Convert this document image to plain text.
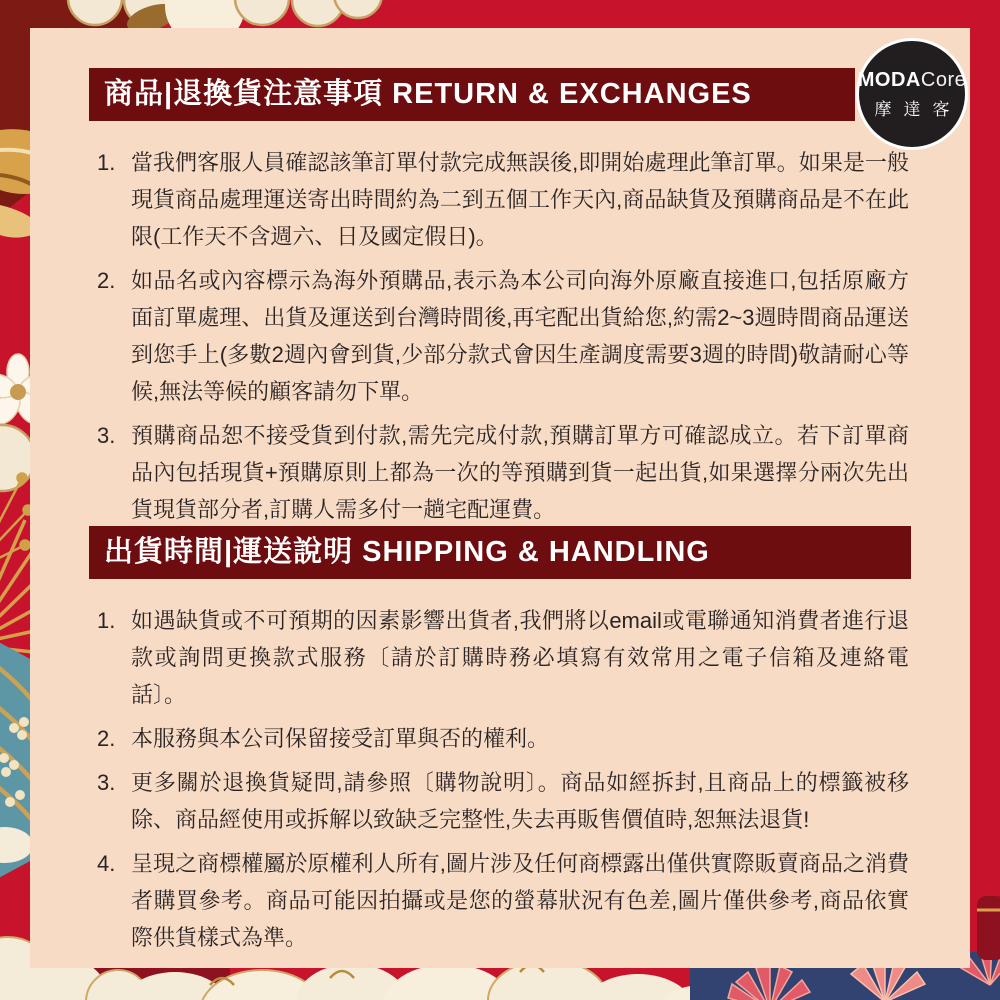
MODACore
摩達客
商品|退換貨注意事項 RETURN & EXCHANGES
1. 當我們客服人員確認該筆訂單付款完成無誤後,即開始處理此筆訂單。如果是一般現貨商品處理運送寄出時間約為二到五個工作天內,商品缺貨及預購商品是不在此限(工作天不含週六、日及國定假日)。
2. 如品名或內容標示為海外預購品,表示為本公司向海外原廠直接進口,包括原廠方面訂單處理、出貨及運送到台灣時間後,再宅配出貨給您,約需2~3週時間商品運送到您手上(多數2週內會到貨,少部分款式會因生產調度需要3週的時間)敬請耐心等候,無法等候的顧客請勿下單。
3. 預購商品恕不接受貨到付款,需先完成付款,預購訂單方可確認成立。若下訂單商品內包括現貨+預購原則上都為一次的等預購到貨一起出貨,如果選擇分兩次先出貨現貨部分者,訂購人需多付一趟宅配運費。
出貨時間|運送說明 SHIPPING & HANDLING
1. 如遇缺貨或不可預期的因素影響出貨者,我們將以email或電聯通知消費者進行退款或詢問更換款式服務〔請於訂購時務必填寫有效常用之電子信箱及連絡電話〕。
2. 本服務與本公司保留接受訂單與否的權利。
3. 更多關於退換貨疑問,請參照〔購物說明〕。商品如經拆封,且商品上的標籤被移除、商品經使用或拆解以致缺乏完整性,失去再販售價值時,恕無法退貨!
4. 呈現之商標權屬於原權利人所有,圖片涉及任何商標露出僅供實際販賣商品之消費者購買參考。商品可能因拍攝或是您的螢幕狀況有色差,圖片僅供參考,商品依實際供貨樣式為準。
